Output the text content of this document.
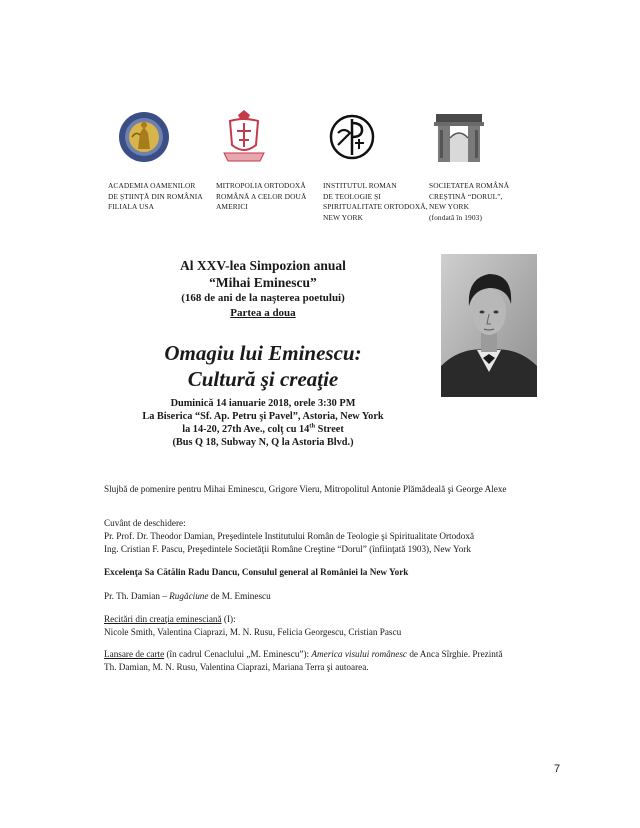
ACADEMIA OAMENILOR
DE ȘTIINȚĂ DIN ROMÂNIA
FILIALA USA
MITROPOLIA ORTODOXĂ
ROMÂNĂ A CELOR DOUĂ
AMERICI
INSTITUTUL ROMAN
DE TEOLOGIE ȘI
SPIRITUALITATE ORTODOXĂ,
NEW YORK
SOCIETATEA ROMÂNĂ
CREȘTINĂ “DORUL”,
NEW YORK
(fondată în 1903)
Al XXV-lea Simpozion anual
“Mihai Eminescu”
(168 de ani de la naşterea poetului)
Partea a doua
Omagiu lui Eminescu:
Cultură şi creaţie
Duminică 14 ianuarie 2018, orele 3:30 PM
La Biserica “Sf. Ap. Petru şi Pavel”, Astoria, New York
la 14-20, 27th Ave., colţ cu 14th Street
(Bus Q 18, Subway N, Q la Astoria Blvd.)
Slujbă de pomenire pentru Mihai Eminescu, Grigore Vieru, Mitropolitul Antonie Plămădeală şi George Alexe
Cuvânt de deschidere:
Pr. Prof. Dr. Theodor Damian, Preşedintele Institutului Român de Teologie şi Spiritualitate Ortodoxă
Ing. Cristian F. Pascu, Preşedintele Societăţii Române Creştine “Dorul” (înfiinţată 1903), New York
Excelenţa Sa Cătălin Radu Dancu, Consulul general al României la New York
Pr. Th. Damian – Rugăciune de M. Eminescu
Recitări din creaţia eminesciană (I):
Nicole Smith, Valentina Ciaprazi, M. N. Rusu, Felicia Georgescu, Cristian Pascu
Lansare de carte (în cadrul Cenaclului „M. Eminescu”): America visului românesc de Anca Sîrghie. Prezintă
Th. Damian, M. N. Rusu, Valentina Ciaprazi, Mariana Terra şi autoarea.
7
